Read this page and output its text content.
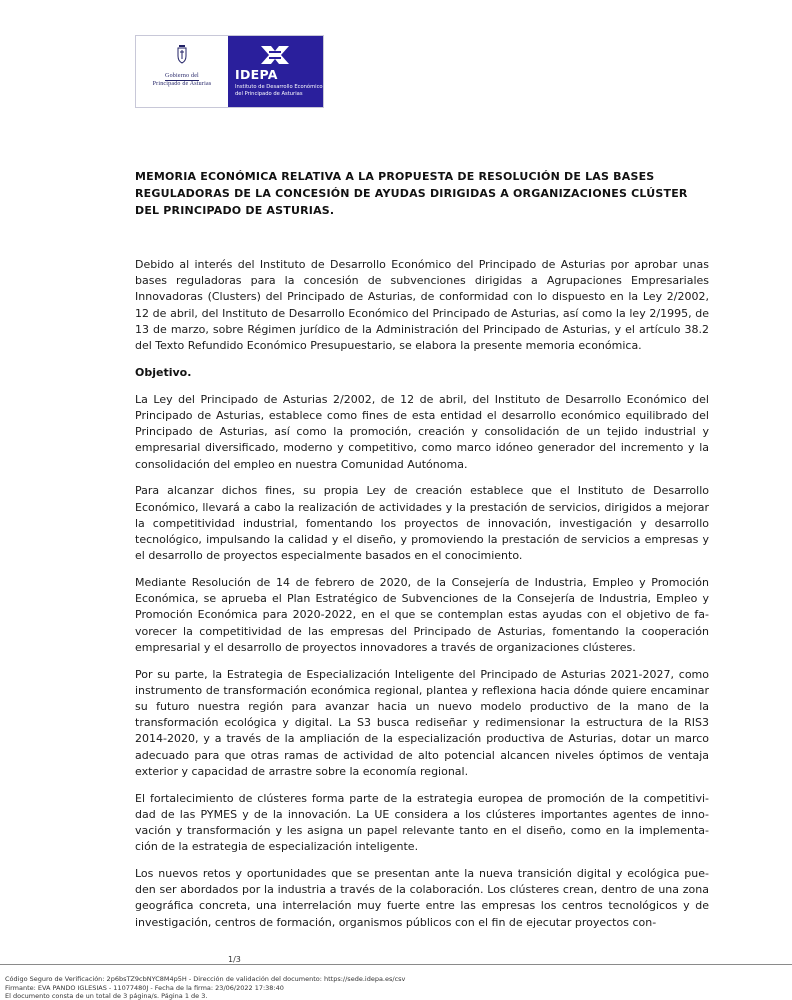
Gobierno del
Principado de Asturias
IDEPA
Instituto de Desarrollo Económico
del Principado de Asturias
MEMORIA ECONÓMICA RELATIVA A LA PROPUESTA DE RESOLUCIÓN DE LAS BASES REGULADORAS DE LA CONCESIÓN DE AYUDAS DIRIGIDAS A ORGANIZACIONES CLÚSTER DEL PRINCIPADO DE ASTURIAS.

Debido al interés del Instituto de Desarrollo Económico del Principado de Asturias por aprobar unas bases reguladoras para la concesión de subvenciones dirigidas a Agrupaciones Empresariales Innovadoras (Clusters) del Principado de Asturias, de conformidad con lo dispuesto en la Ley 2/2002, 12 de abril, del Instituto de Desarrollo Económico del Principado de Asturias, así como la ley 2/1995, de 13 de marzo, sobre Régimen jurídico de la Administración del Principado de Asturias, y el artículo 38.2 del Texto Refundido Económico Presupuestario, se elabora la presente memoria económica.

Objetivo.

La Ley del Principado de Asturias 2/2002, de 12 de abril, del Instituto de Desarrollo Económico del Principado de Asturias, establece como fines de esta entidad el desarrollo económico equilibrado del Principado de Asturias, así como la promoción, creación y consolidación de un tejido industrial y empresarial diversificado, moderno y competitivo, como marco idóneo generador del incremento y la consolidación del empleo en nuestra Comunidad Autónoma.

Para alcanzar dichos fines, su propia Ley de creación establece que el Instituto de Desarrollo Económico, llevará a cabo la realización de actividades y la prestación de servicios, dirigidos a mejorar la competitividad industrial, fomentando los proyectos de innovación, investigación y desarrollo tecnológico, impulsando la calidad y el diseño, y promoviendo la prestación de servicios a empresas y el desarrollo de proyectos especialmente basados en el conocimiento.

Mediante Resolución de 14 de febrero de 2020, de la Consejería de Industria, Empleo y Promoción Económica, se aprueba el Plan Estratégico de Subvenciones de la Consejería de Industria, Empleo y Promoción Económica para 2020-2022, en el que se contemplan estas ayudas con el objetivo de fa-vorecer la competitividad de las empresas del Principado de Asturias, fomentando la cooperación empresarial y el desarrollo de proyectos innovadores a través de organizaciones clústeres.

Por su parte, la Estrategia de Especialización Inteligente del Principado de Asturias 2021-2027, como instrumento de transformación económica regional, plantea y reflexiona hacia dónde quiere encaminar su futuro nuestra región para avanzar hacia un nuevo modelo productivo de la mano de la transformación ecológica y digital. La S3 busca rediseñar y redimensionar la estructura de la RIS3 2014-2020, y a través de la ampliación de la especialización productiva de Asturias, dotar un marco adecuado para que otras ramas de actividad de alto potencial alcancen niveles óptimos de ventaja exterior y capacidad de arrastre sobre la economía regional.

El fortalecimiento de clústeres forma parte de la estrategia europea de promoción de la competitivi-dad de las PYMES y de la innovación. La UE considera a los clústeres importantes agentes de inno-vación y transformación y les asigna un papel relevante tanto en el diseño, como en la implementa-ción de la estrategia de especialización inteligente.

Los nuevos retos y oportunidades que se presentan ante la nueva transición digital y ecológica pue-den ser abordados por la industria a través de la colaboración. Los clústeres crean, dentro de una zona geográfica concreta, una interrelación muy fuerte entre las empresas los centros tecnológicos y de investigación, centros de formación, organismos públicos con el fin de ejecutar proyectos con-

1/3
Código Seguro de Verificación: 2p6bsTZ9cbNYC8M4p5H - Dirección de validación del documento: https://sede.idepa.es/csv
Firmante: EVA PANDO IGLESIAS - 11077480J - Fecha de la firma: 23/06/2022 17:38:40
El documento consta de un total de 3 página/s. Página 1 de 3.
